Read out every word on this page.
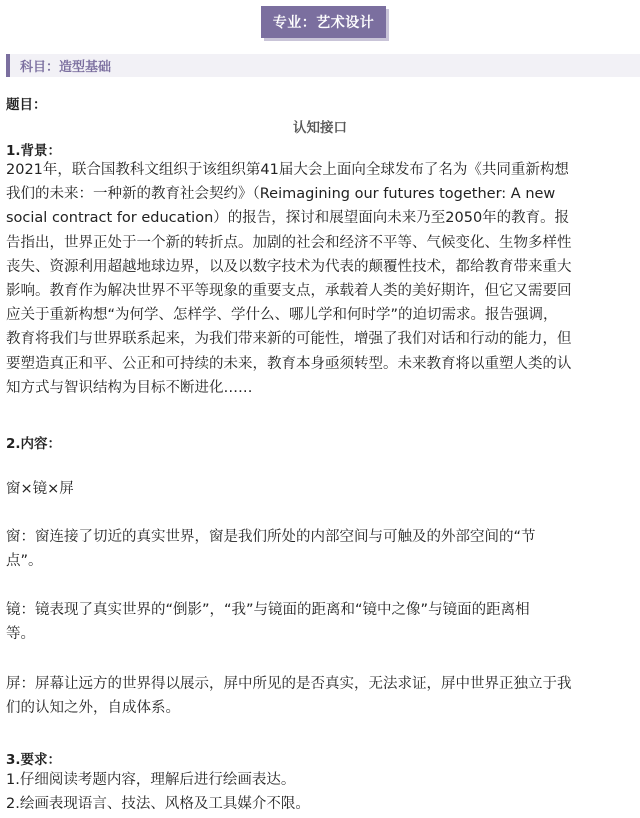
专业：艺术设计
科目：造型基础
题目：
认知接口
1.背景：
2021年，联合国教科文组织于该组织第41届大会上面向全球发布了名为《共同重新构想
我们的未来：一种新的教育社会契约》（Reimagining our futures together: A new
social contract for education）的报告，探讨和展望面向未来乃至2050年的教育。报
告指出，世界正处于一个新的转折点。加剧的社会和经济不平等、气候变化、生物多样性
丧失、资源利用超越地球边界，以及以数字技术为代表的颠覆性技术，都给教育带来重大
影响。教育作为解决世界不平等现象的重要支点，承载着人类的美好期许，但它又需要回
应关于重新构想“为何学、怎样学、学什么、哪儿学和何时学”的迫切需求。报告强调，
教育将我们与世界联系起来，为我们带来新的可能性，增强了我们对话和行动的能力，但
要塑造真正和平、公正和可持续的未来，教育本身亟须转型。未来教育将以重塑人类的认
知方式与智识结构为目标不断进化……
2.内容：
窗×镜×屏
窗：窗连接了切近的真实世界，窗是我们所处的内部空间与可触及的外部空间的“节
点”。
镜：镜表现了真实世界的“倒影”，“我”与镜面的距离和“镜中之像”与镜面的距离相
等。
屏：屏幕让远方的世界得以展示，屏中所见的是否真实，无法求证，屏中世界正独立于我
们的认知之外，自成体系。
3.要求：
1.仔细阅读考题内容，理解后进行绘画表达。
2.绘画表现语言、技法、风格及工具媒介不限。
